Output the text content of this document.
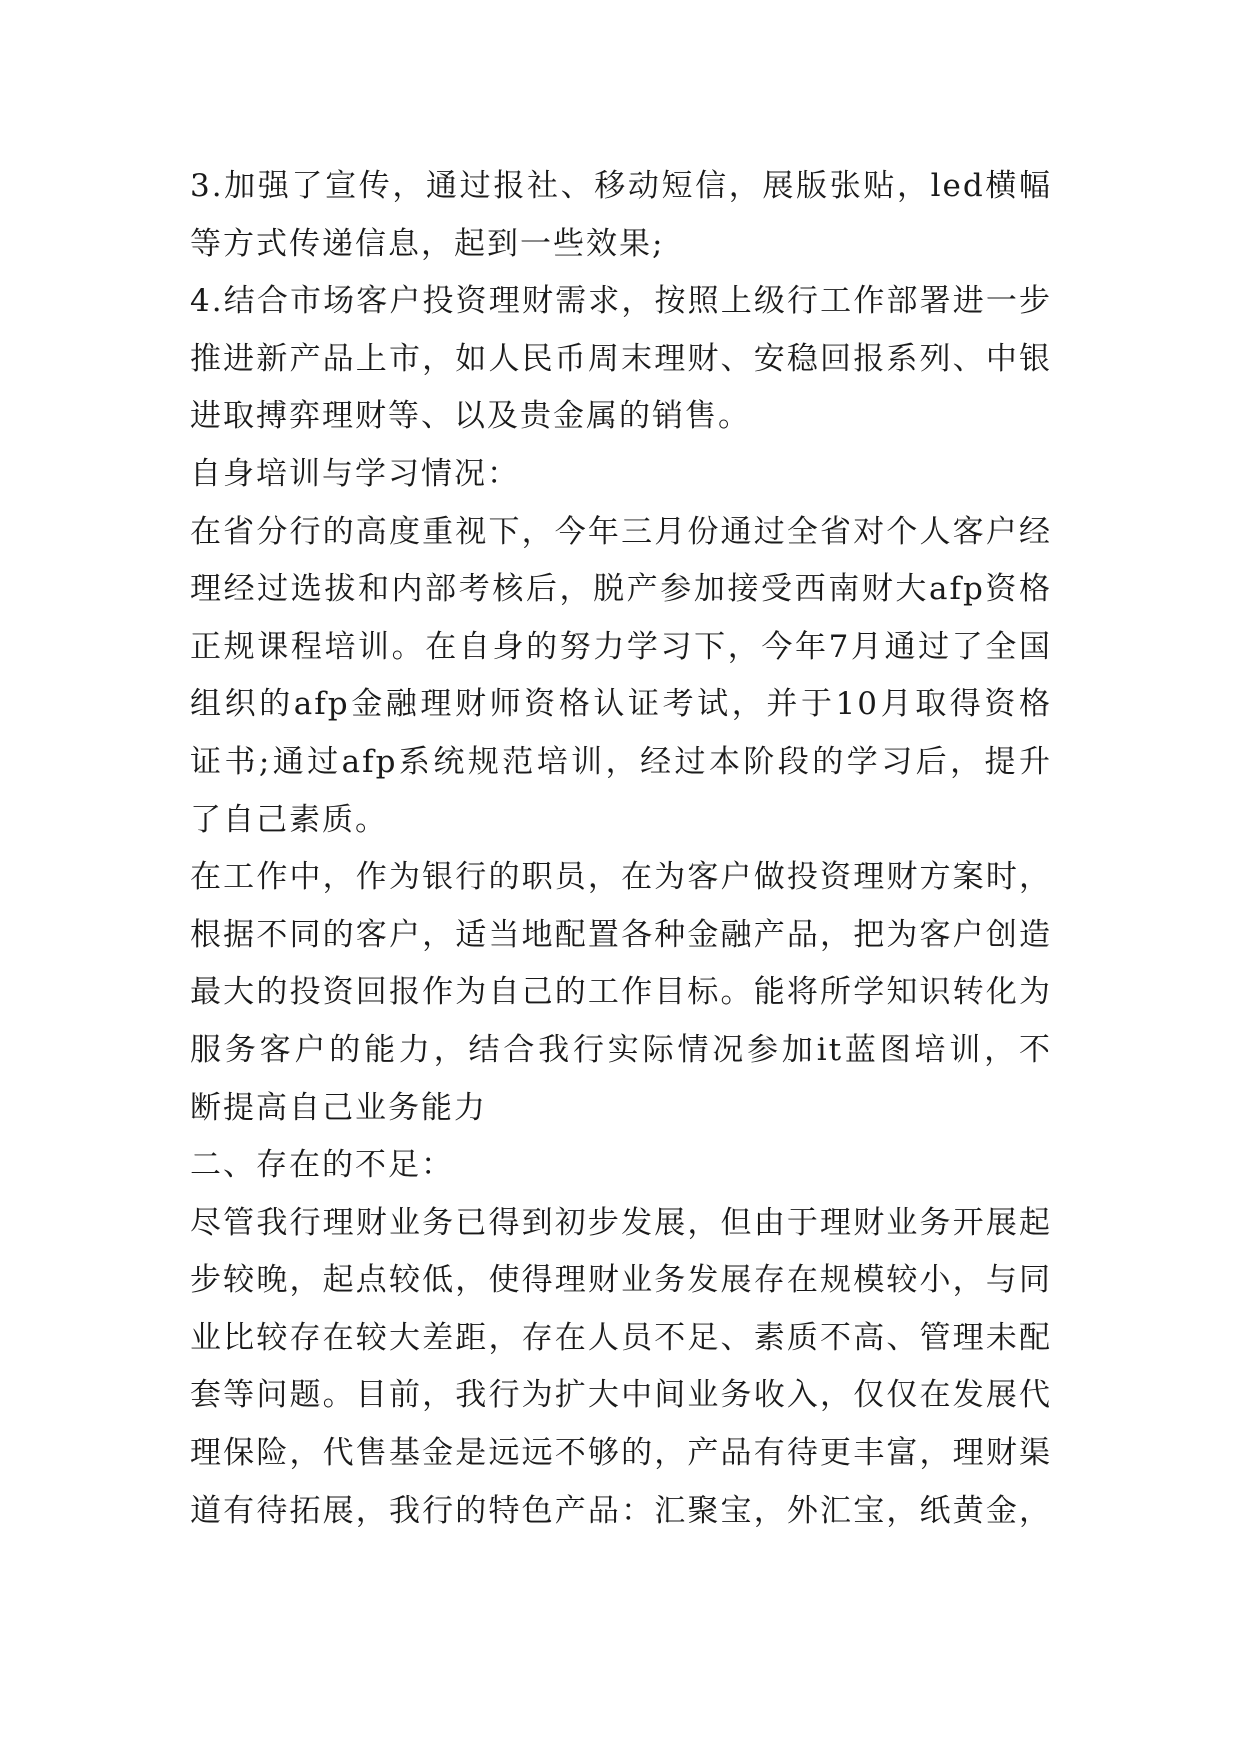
3.加强了宣传，通过报社、移动短信，展版张贴，led横幅
等方式传递信息，起到一些效果;
4.结合市场客户投资理财需求，按照上级行工作部署进一步
推进新产品上市，如人民币周末理财、安稳回报系列、中银
进取搏弈理财等、以及贵金属的销售。
自身培训与学习情况：
在省分行的高度重视下，今年三月份通过全省对个人客户经
理经过选拔和内部考核后，脱产参加接受西南财大afp资格
正规课程培训。在自身的努力学习下，今年7月通过了全国
组织的afp金融理财师资格认证考试，并于10月取得资格
证书;通过afp系统规范培训，经过本阶段的学习后，提升
了自己素质。
在工作中，作为银行的职员，在为客户做投资理财方案时，
根据不同的客户，适当地配置各种金融产品，把为客户创造
最大的投资回报作为自己的工作目标。能将所学知识转化为
服务客户的能力，结合我行实际情况参加it蓝图培训，不
断提高自己业务能力
二、存在的不足：
尽管我行理财业务已得到初步发展，但由于理财业务开展起
步较晚，起点较低，使得理财业务发展存在规模较小，与同
业比较存在较大差距，存在人员不足、素质不高、管理未配
套等问题。目前，我行为扩大中间业务收入，仅仅在发展代
理保险，代售基金是远远不够的，产品有待更丰富，理财渠
道有待拓展，我行的特色产品：汇聚宝，外汇宝，纸黄金，
